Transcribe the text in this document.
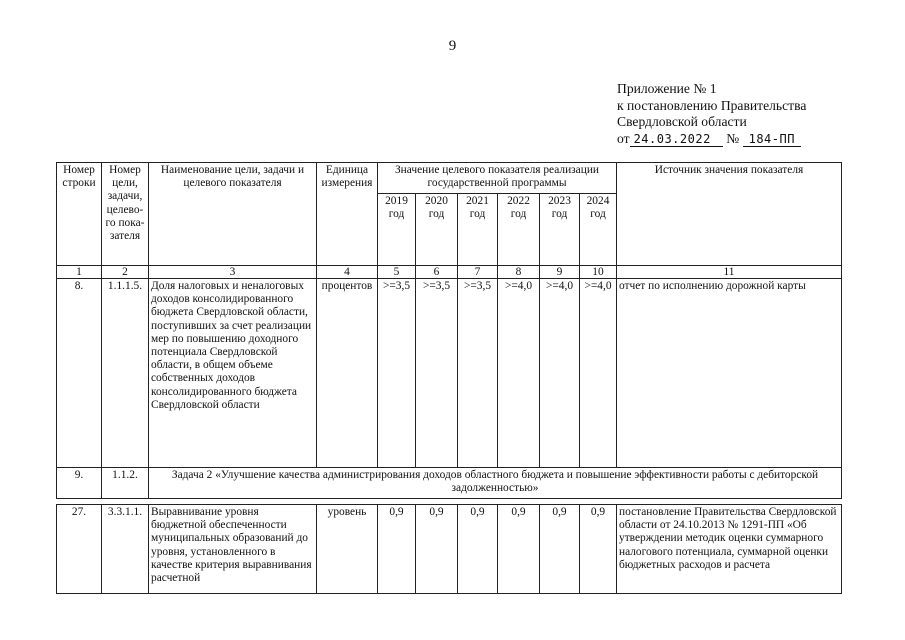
9
Приложение № 1
к постановлению Правительства
Свердловской области
от 24.03.2022 № 184-ПП
Номер строки	Номер цели, задачи, целево-го пока-зателя	Наименование цели, задачи и целевого показателя	Единица измерения	Значение целевого показателя реализации государственной программы						Источник значения показателя
				2019 год	2020 год	2021 год	2022 год	2023 год	2024 год	
1	2	3	4	5	6	7	8	9	10	11
8.	1.1.1.5.	Доля налоговых и неналоговых доходов консолидированного бюджета Свердловской области, поступивших за счет реализации мер по повышению доходного потенциала Свердловской области, в общем объеме собственных доходов консолидированного бюджета Свердловской области	процентов	>=3,5	>=3,5	>=3,5	>=4,0	>=4,0	>=4,0	отчет по исполнению дорожной карты
9.	1.1.2.	Задача 2 «Улучшение качества администрирования доходов областного бюджета и повышение эффективности работы с дебиторской задолженностью»								

27.	3.3.1.1.	Выравнивание уровня бюджетной обеспеченности муниципальных образований до уровня, установленного в качестве критерия выравнивания расчетной	уровень	0,9	0,9	0,9	0,9	0,9	0,9	постановление Правительства Свердловской области от 24.10.2013 № 1291-ПП «Об утверждении методик оценки суммарного налогового потенциала, суммарной оценки бюджетных расходов и расчета
